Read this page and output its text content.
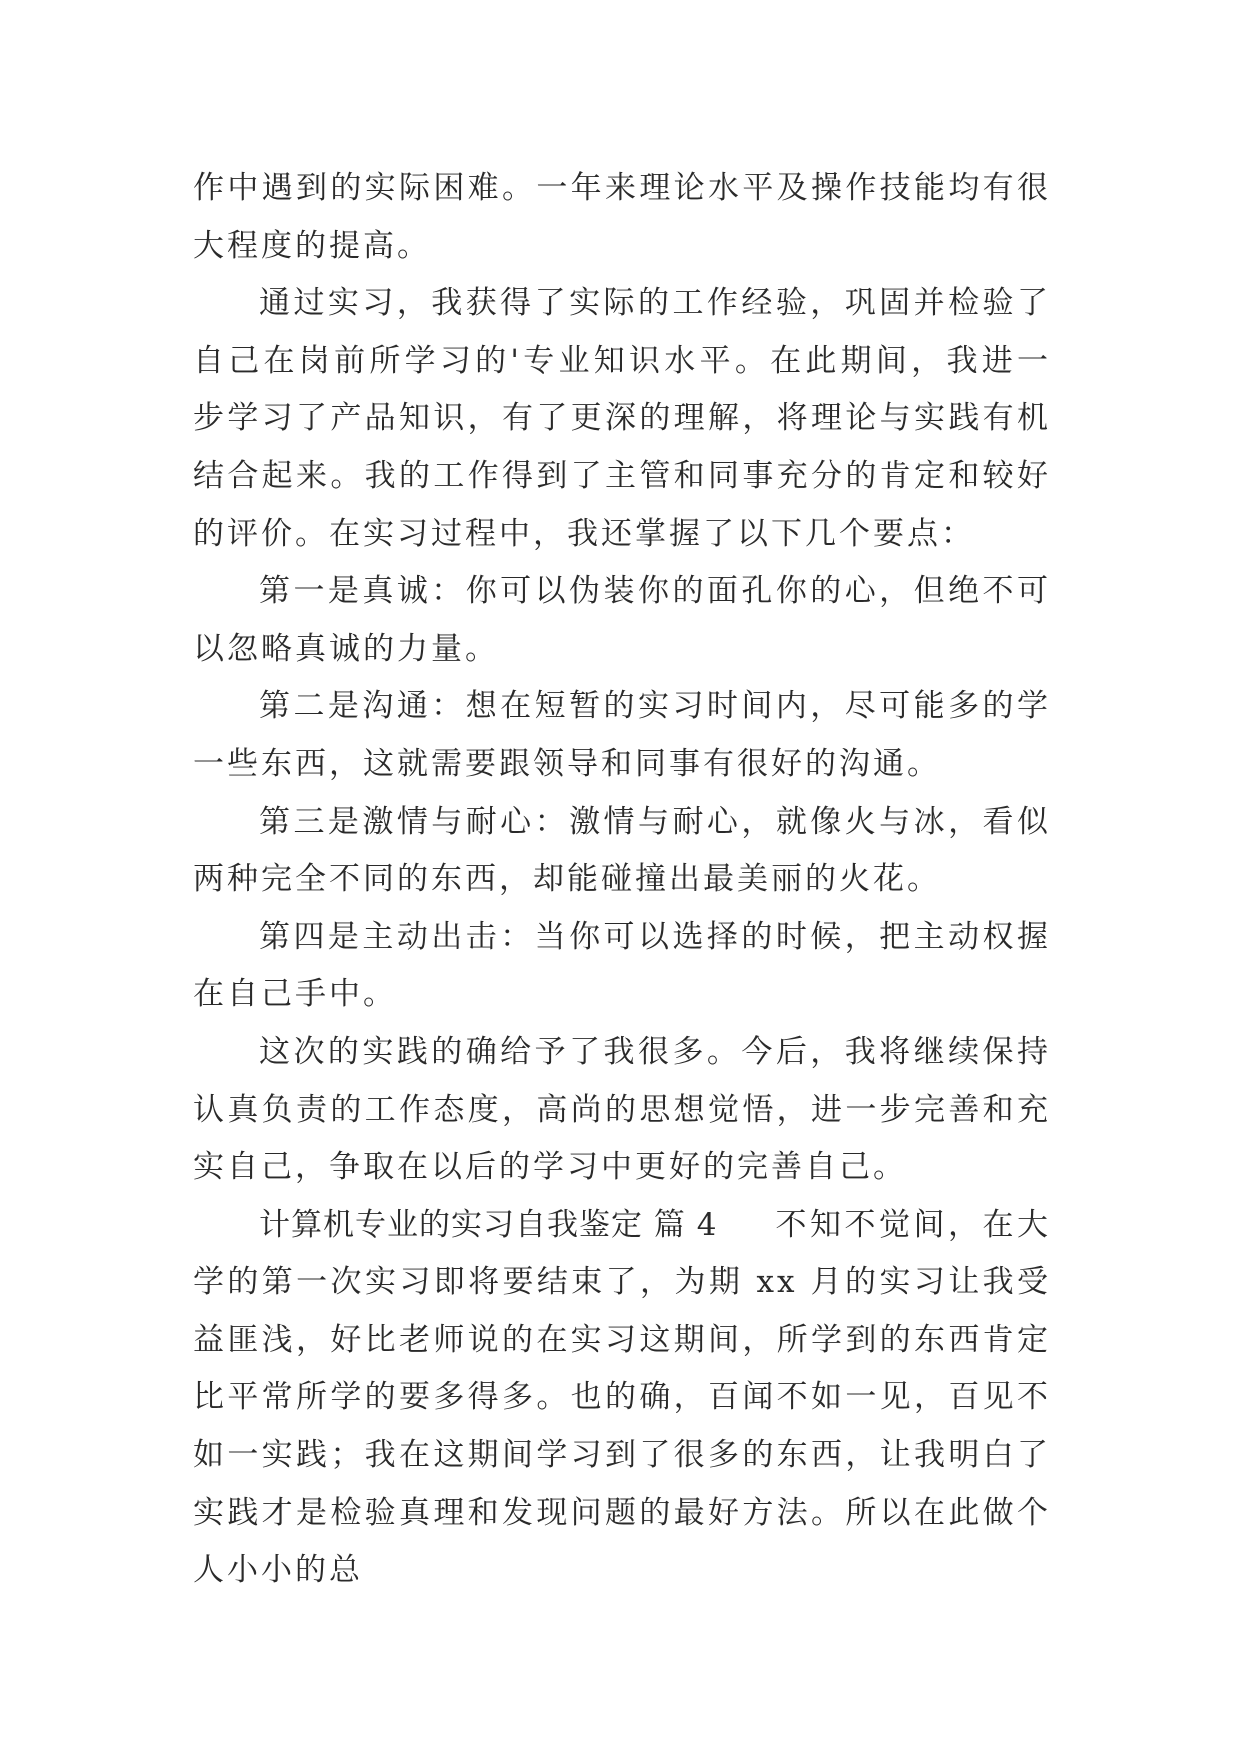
作中遇到的实际困难。一年来理论水平及操作技能均有很大程度的提高。

通过实习，我获得了实际的工作经验，巩固并检验了自己在岗前所学习的'专业知识水平。在此期间，我进一步学习了产品知识，有了更深的理解，将理论与实践有机结合起来。我的工作得到了主管和同事充分的肯定和较好的评价。在实习过程中，我还掌握了以下几个要点：

第一是真诚：你可以伪装你的面孔你的心，但绝不可以忽略真诚的力量。

第二是沟通：想在短暂的实习时间内，尽可能多的学一些东西，这就需要跟领导和同事有很好的沟通。

第三是激情与耐心：激情与耐心，就像火与冰，看似两种完全不同的东西，却能碰撞出最美丽的火花。

第四是主动出击：当你可以选择的时候，把主动权握在自己手中。

这次的实践的确给予了我很多。今后，我将继续保持认真负责的工作态度，高尚的思想觉悟，进一步完善和充实自己，争取在以后的学习中更好的完善自己。

计算机专业的实习自我鉴定 篇 4 不知不觉间，在大学的第一次实习即将要结束了，为期 xx 月的实习让我受益匪浅，好比老师说的在实习这期间，所学到的东西肯定比平常所学的要多得多。也的确，百闻不如一见，百见不如一实践；我在这期间学习到了很多的东西，让我明白了实践才是检验真理和发现问题的最好方法。所以在此做个人小小的总
